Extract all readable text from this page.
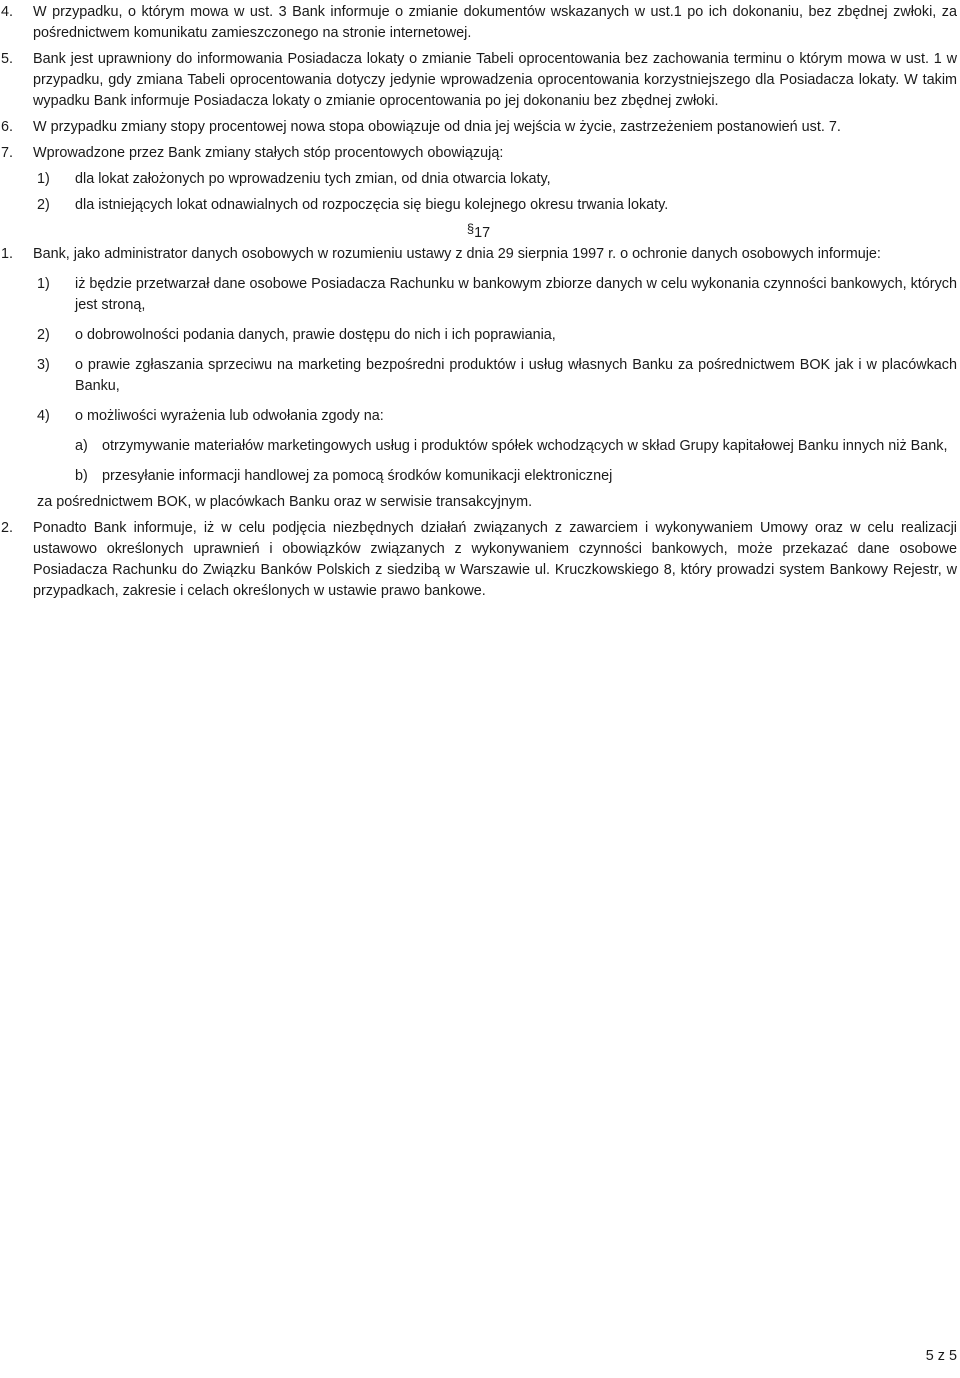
4. W przypadku, o którym mowa w ust. 3 Bank informuje o zmianie dokumentów wskazanych w ust.1 po ich dokonaniu, bez zbędnej zwłoki, za pośrednictwem komunikatu zamieszczonego na stronie internetowej.
5. Bank jest uprawniony do informowania Posiadacza lokaty o zmianie Tabeli oprocentowania bez zachowania terminu o którym mowa w ust. 1 w przypadku, gdy zmiana Tabeli oprocentowania dotyczy jedynie wprowadzenia oprocentowania korzystniejszego dla Posiadacza lokaty. W takim wypadku Bank informuje Posiadacza lokaty o zmianie oprocentowania po jej dokonaniu bez zbędnej zwłoki.
6. W przypadku zmiany stopy procentowej nowa stopa obowiązuje od dnia jej wejścia w życie, zastrzeżeniem postanowień ust. 7.
7. Wprowadzone przez Bank zmiany stałych stóp procentowych obowiązują:
1) dla lokat założonych po wprowadzeniu tych zmian, od dnia otwarcia lokaty,
2) dla istniejących lokat odnawialnych od rozpoczęcia się biegu kolejnego okresu trwania lokaty.
§17
1. Bank, jako administrator danych osobowych w rozumieniu ustawy z dnia 29 sierpnia 1997 r. o ochronie danych osobowych informuje:
1) iż będzie przetwarzał dane osobowe Posiadacza Rachunku w bankowym zbiorze danych w celu wykonania czynności bankowych, których jest stroną,
2) o dobrowolności podania danych, prawie dostępu do nich i ich poprawiania,
3) o prawie zgłaszania sprzeciwu na marketing bezpośredni produktów i usług własnych Banku za pośrednictwem BOK jak i w placówkach Banku,
4) o możliwości wyrażenia lub odwołania zgody na:
a) otrzymywanie materiałów marketingowych usług i produktów spółek wchodzących w skład Grupy kapitałowej Banku innych niż Bank,
b) przesyłanie informacji handlowej za pomocą środków komunikacji elektronicznej
za pośrednictwem BOK, w placówkach Banku oraz w serwisie transakcyjnym.
2. Ponadto Bank informuje, iż w celu podjęcia niezbędnych działań związanych z zawarciem i wykonywaniem Umowy oraz w celu realizacji ustawowo określonych uprawnień i obowiązków związanych z wykonywaniem czynności bankowych, może przekazać dane osobowe Posiadacza Rachunku do Związku Banków Polskich z siedzibą w Warszawie ul. Kruczkowskiego 8, który prowadzi system Bankowy Rejestr, w przypadkach, zakresie i celach określonych w ustawie prawo bankowe.
5 z 5
